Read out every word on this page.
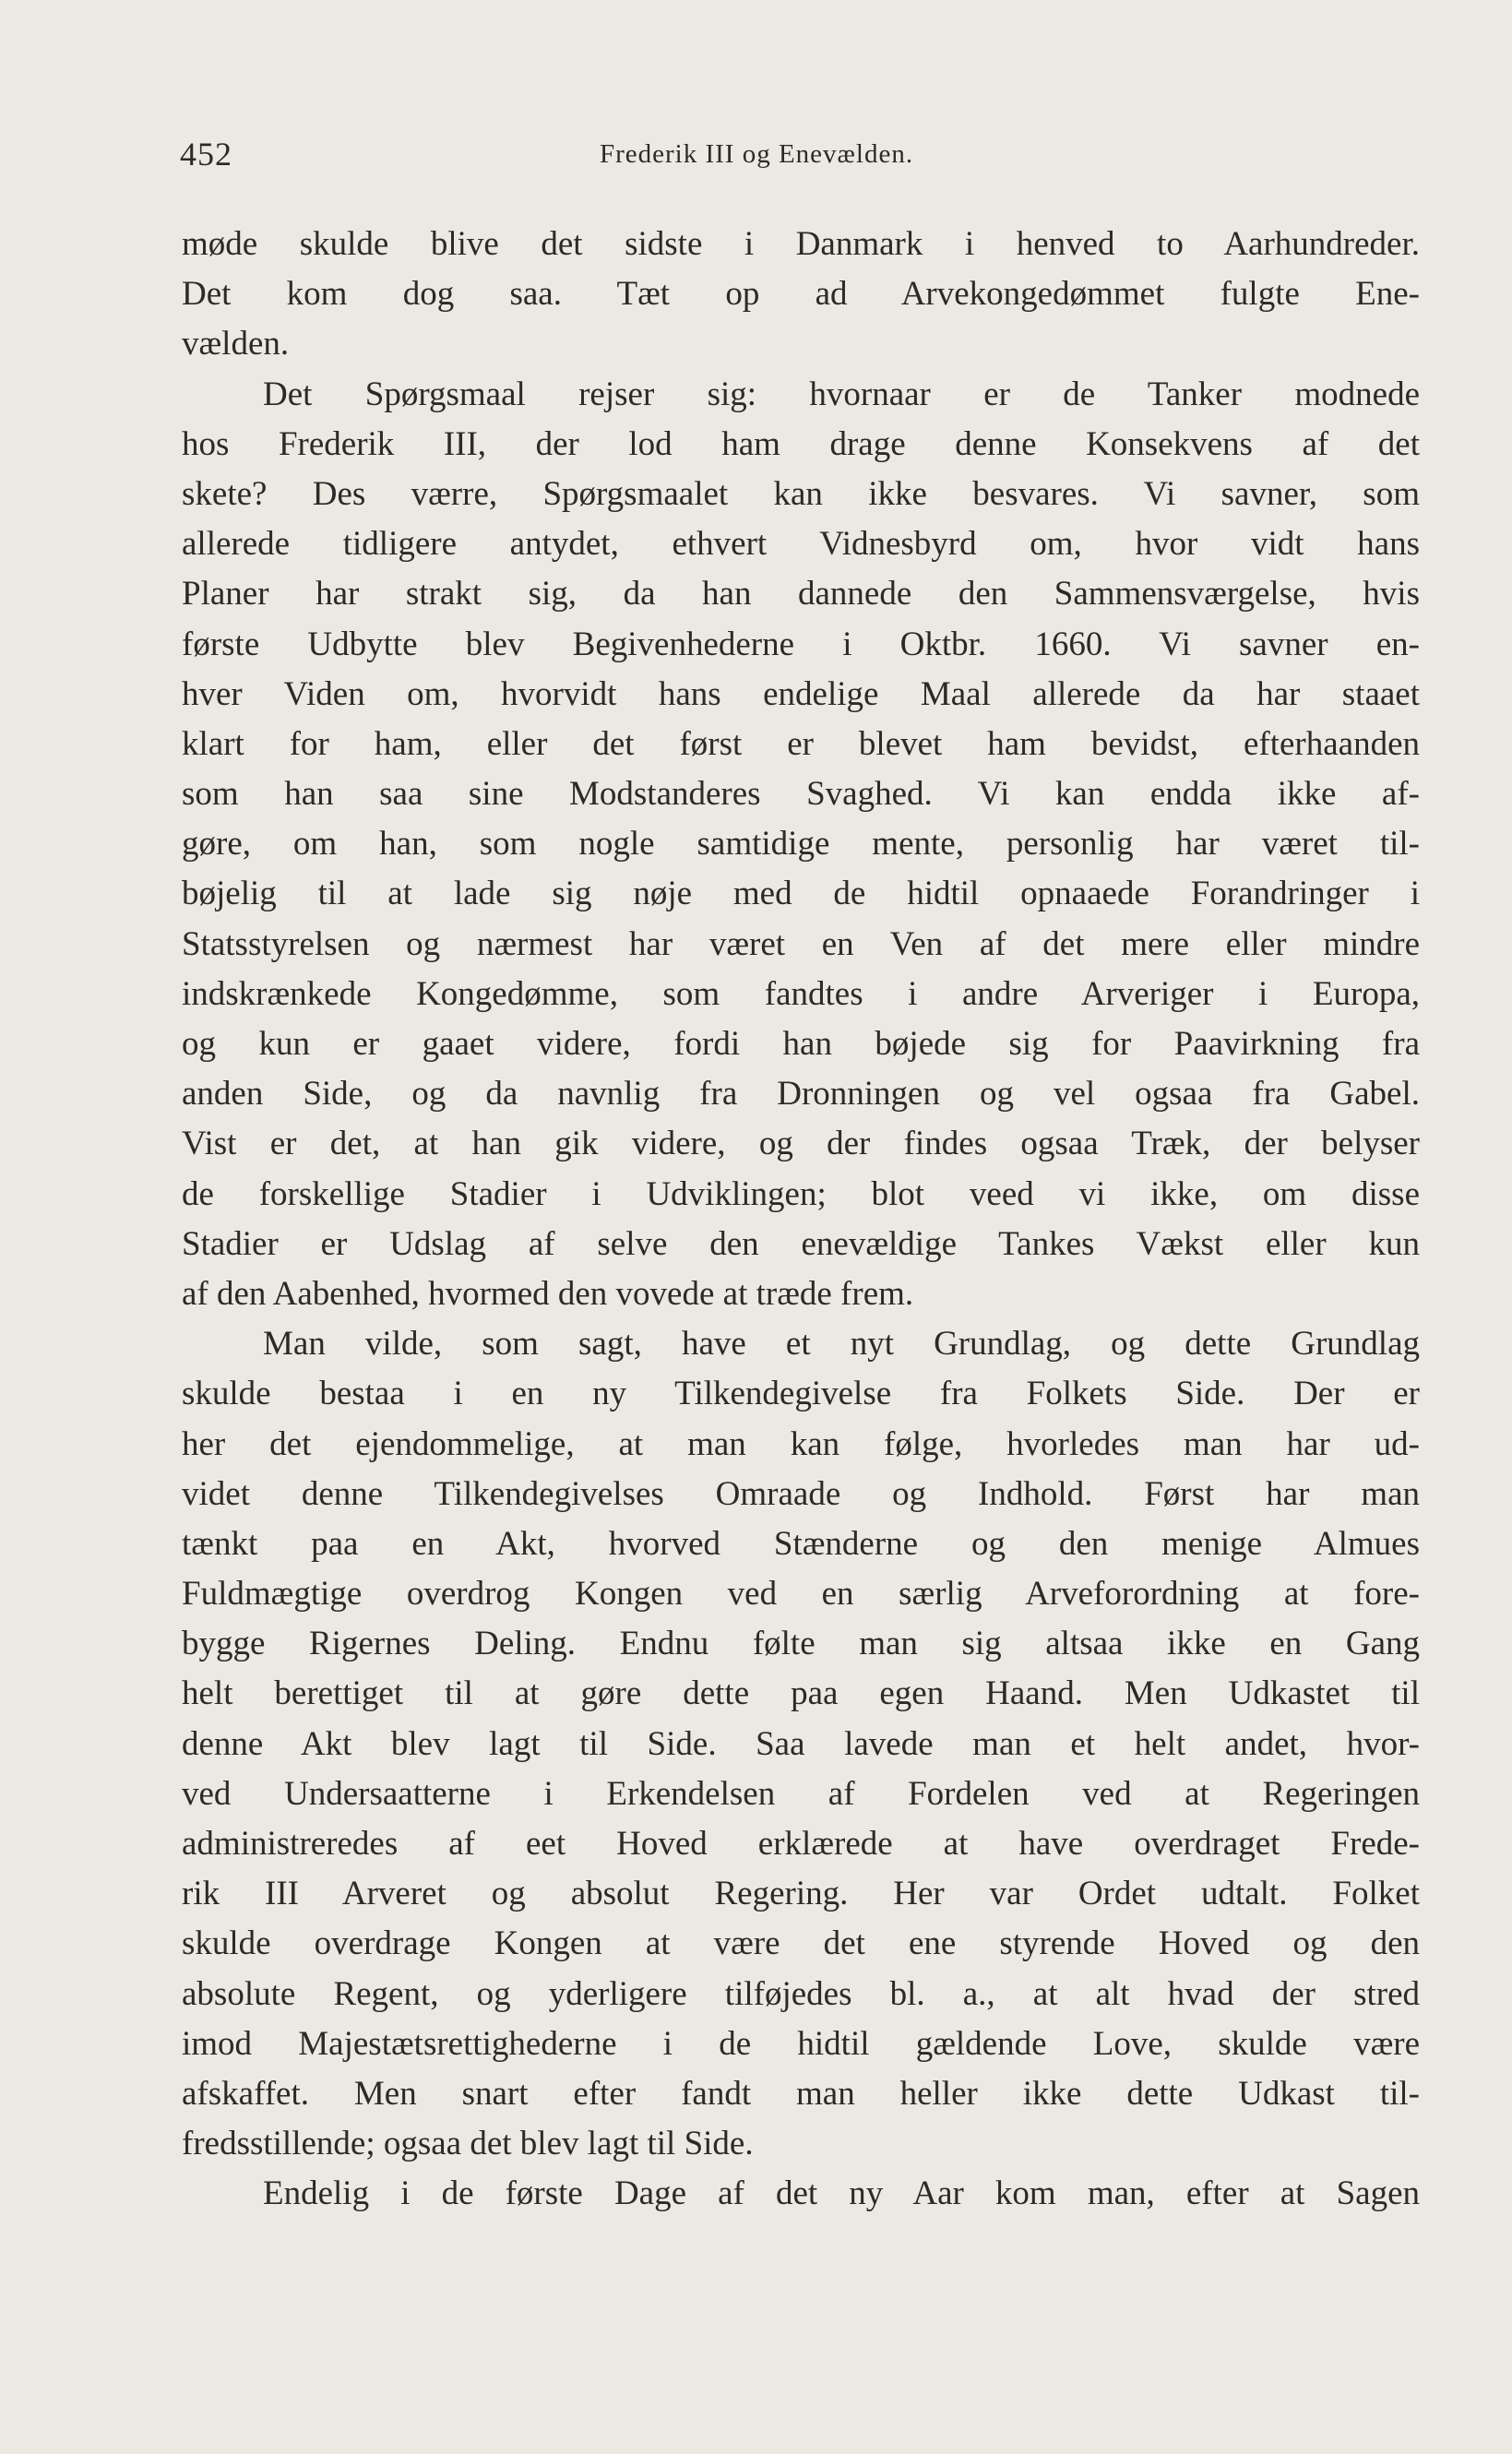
452	Frederik III og Enevælden.
møde skulde blive det sidste i Danmark i henved to Aarhundreder.
Det kom dog saa. Tæt op ad Arvekongedømmet fulgte Ene-
vælden.
Det Spørgsmaal rejser sig: hvornaar er de Tanker modnede
hos Frederik III, der lod ham drage denne Konsekvens af det
skete? Des værre, Spørgsmaalet kan ikke besvares. Vi savner, som
allerede tidligere antydet, ethvert Vidnesbyrd om, hvor vidt hans
Planer har strakt sig, da han dannede den Sammensværgelse, hvis
første Udbytte blev Begivenhederne i Oktbr. 1660. Vi savner en-
hver Viden om, hvorvidt hans endelige Maal allerede da har staaet
klart for ham, eller det først er blevet ham bevidst, efterhaanden
som han saa sine Modstanderes Svaghed. Vi kan endda ikke af-
gøre, om han, som nogle samtidige mente, personlig har været til-
bøjelig til at lade sig nøje med de hidtil opnaaede Forandringer i
Statsstyrelsen og nærmest har været en Ven af det mere eller mindre
indskrænkede Kongedømme, som fandtes i andre Arveriger i Europa,
og kun er gaaet videre, fordi han bøjede sig for Paavirkning fra
anden Side, og da navnlig fra Dronningen og vel ogsaa fra Gabel.
Vist er det, at han gik videre, og der findes ogsaa Træk, der belyser
de forskellige Stadier i Udviklingen; blot veed vi ikke, om disse
Stadier er Udslag af selve den enevældige Tankes Vækst eller kun
af den Aabenhed, hvormed den vovede at træde frem.
Man vilde, som sagt, have et nyt Grundlag, og dette Grundlag
skulde bestaa i en ny Tilkendegivelse fra Folkets Side. Der er
her det ejendommelige, at man kan følge, hvorledes man har ud-
videt denne Tilkendegivelses Omraade og Indhold. Først har man
tænkt paa en Akt, hvorved Stænderne og den menige Almues
Fuldmægtige overdrog Kongen ved en særlig Arveforordning at fore-
bygge Rigernes Deling. Endnu følte man sig altsaa ikke en Gang
helt berettiget til at gøre dette paa egen Haand. Men Udkastet til
denne Akt blev lagt til Side. Saa lavede man et helt andet, hvor-
ved Undersaatterne i Erkendelsen af Fordelen ved at Regeringen
administreredes af eet Hoved erklærede at have overdraget Frede-
rik III Arveret og absolut Regering. Her var Ordet udtalt. Folket
skulde overdrage Kongen at være det ene styrende Hoved og den
absolute Regent, og yderligere tilføjedes bl. a., at alt hvad der stred
imod Majestætsrettighederne i de hidtil gældende Love, skulde være
afskaffet. Men snart efter fandt man heller ikke dette Udkast til-
fredsstillende; ogsaa det blev lagt til Side.
Endelig i de første Dage af det ny Aar kom man, efter at Sagen
